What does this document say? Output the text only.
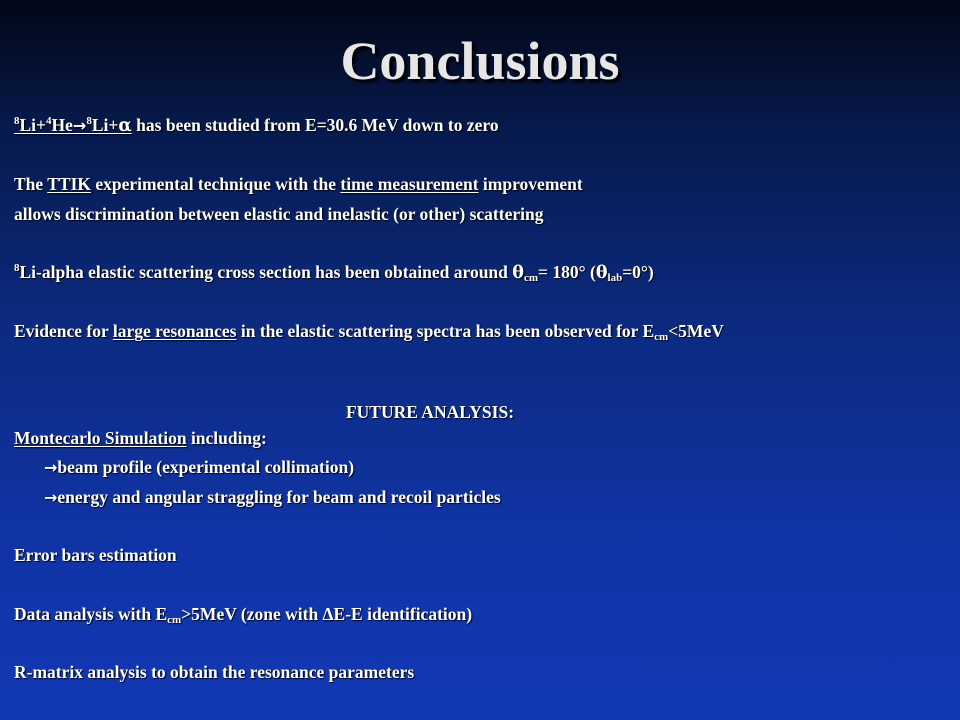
Conclusions
$^8$Li+$^4$He→$^8$Li+α has been studied from E=30.6 MeV down to zero
The TTIK experimental technique with the time measurement improvement
allows discrimination between elastic and inelastic (or other) scattering
$^8$Li-alpha elastic scattering cross section has been obtained around $\theta_{cm}= 180^\circ$ $(\theta_{lab}=0^\circ)$
Evidence for large resonances in the elastic scattering spectra has been observed for $E_{cm}<5MeV$
FUTURE ANALYSIS:
Montecarlo Simulation including:
→beam profile (experimental collimation)
→energy and angular straggling for beam and recoil particles
Error bars estimation
Data analysis with $E_{cm}>5MeV$ (zone with ΔE-E identification)
R-matrix analysis to obtain the resonance parameters
